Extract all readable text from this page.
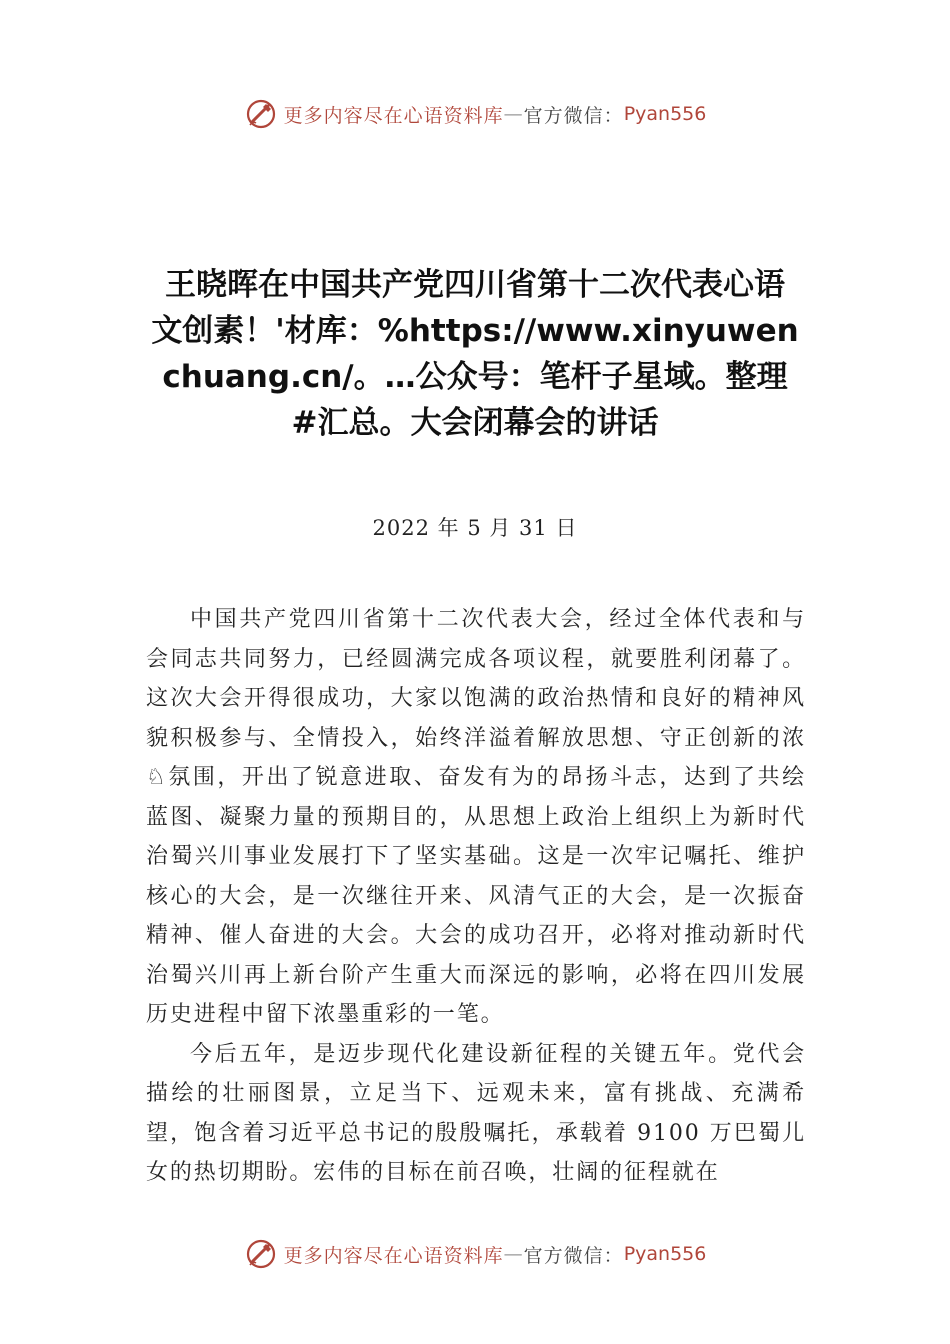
更多内容尽在心语资料库 — 官方微信： Pyan556
王晓晖在中国共产党四川省第十二次代表心语文创素！'材库：%https://www.xinyuwenchuang.cn/。…公众号：笔杆子星域。整理#汇总。大会闭幕会的讲话
2022 年 5 月 31 日

中国共产党四川省第十二次代表大会，经过全体代表和与会同志共同努力，已经圆满完成各项议程，就要胜利闭幕了。这次大会开得很成功，大家以饱满的政治热情和良好的精神风貌积极参与、全情投入，始终洋溢着解放思想、守正创新的浓♘氛围，开出了锐意进取、奋发有为的昂扬斗志，达到了共绘蓝图、凝聚力量的预期目的，从思想上政治上组织上为新时代治蜀兴川事业发展打下了坚实基础。这是一次牢记嘱托、维护核心的大会，是一次继往开来、风清气正的大会，是一次振奋精神、催人奋进的大会。大会的成功召开，必将对推动新时代治蜀兴川再上新台阶产生重大而深远的影响，必将在四川发展历史进程中留下浓墨重彩的一笔。

今后五年，是迈步现代化建设新征程的关键五年。党代会描绘的壮丽图景，立足当下、远观未来，富有挑战、充满希望，饱含着习近平总书记的殷殷嘱托，承载着 9100 万巴蜀儿女的热切期盼。宏伟的目标在前召唤，壮阔的征程就在

更多内容尽在心语资料库 — 官方微信： Pyan556
